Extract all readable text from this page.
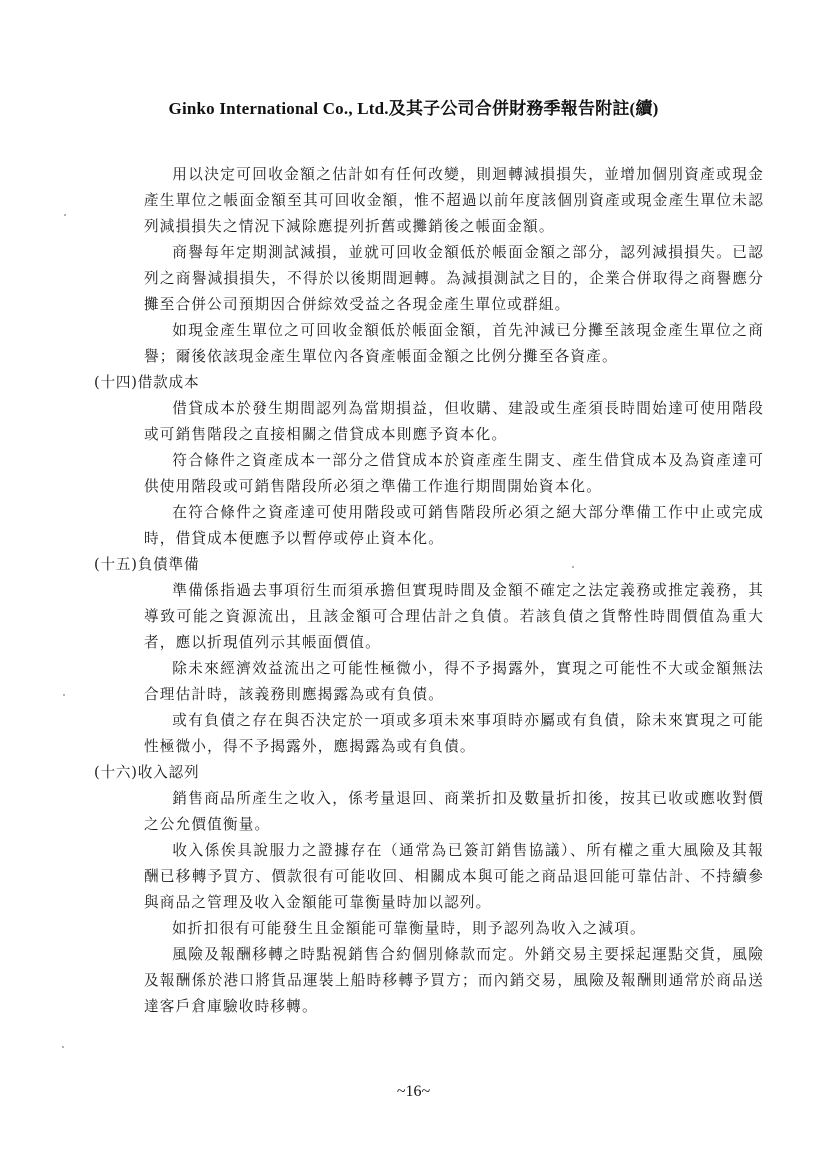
Ginko International Co., Ltd.及其子公司合併財務季報告附註(續)

用以決定可回收金額之估計如有任何改變，則迴轉減損損失，並增加個別資產或現金產生單位之帳面金額至其可回收金額，惟不超過以前年度該個別資產或現金產生單位未認列減損損失之情況下減除應提列折舊或攤銷後之帳面金額。

商譽每年定期測試減損，並就可回收金額低於帳面金額之部分，認列減損損失。已認列之商譽減損損失，不得於以後期間迴轉。為減損測試之目的，企業合併取得之商譽應分攤至合併公司預期因合併綜效受益之各現金產生單位或群組。

如現金產生單位之可回收金額低於帳面金額，首先沖減已分攤至該現金產生單位之商譽；爾後依該現金產生單位內各資產帳面金額之比例分攤至各資產。

(十四)借款成本

借貸成本於發生期間認列為當期損益，但收購、建設或生產須長時間始達可使用階段或可銷售階段之直接相關之借貸成本則應予資本化。

符合條件之資產成本一部分之借貸成本於資產產生開支、產生借貸成本及為資產達可供使用階段或可銷售階段所必須之準備工作進行期間開始資本化。

在符合條件之資產達可使用階段或可銷售階段所必須之絕大部分準備工作中止或完成時，借貸成本便應予以暫停或停止資本化。

(十五)負債準備

準備係指過去事項衍生而須承擔但實現時間及金額不確定之法定義務或推定義務，其導致可能之資源流出，且該金額可合理估計之負債。若該負債之貨幣性時間價值為重大者，應以折現值列示其帳面價值。

除未來經濟效益流出之可能性極微小，得不予揭露外，實現之可能性不大或金額無法合理估計時，該義務則應揭露為或有負債。

或有負債之存在與否決定於一項或多項未來事項時亦屬或有負債，除未來實現之可能性極微小，得不予揭露外，應揭露為或有負債。

(十六)收入認列

銷售商品所產生之收入，係考量退回、商業折扣及數量折扣後，按其已收或應收對價之公允價值衡量。

收入係俟具說服力之證據存在（通常為已簽訂銷售協議）、所有權之重大風險及其報酬已移轉予買方、價款很有可能收回、相關成本與可能之商品退回能可靠估計、不持續參與商品之管理及收入金額能可靠衡量時加以認列。

如折扣很有可能發生且金額能可靠衡量時，則予認列為收入之減項。

風險及報酬移轉之時點視銷售合約個別條款而定。外銷交易主要採起運點交貨，風險及報酬係於港口將貨品運裝上船時移轉予買方；而內銷交易，風險及報酬則通常於商品送達客戶倉庫驗收時移轉。

~16~
